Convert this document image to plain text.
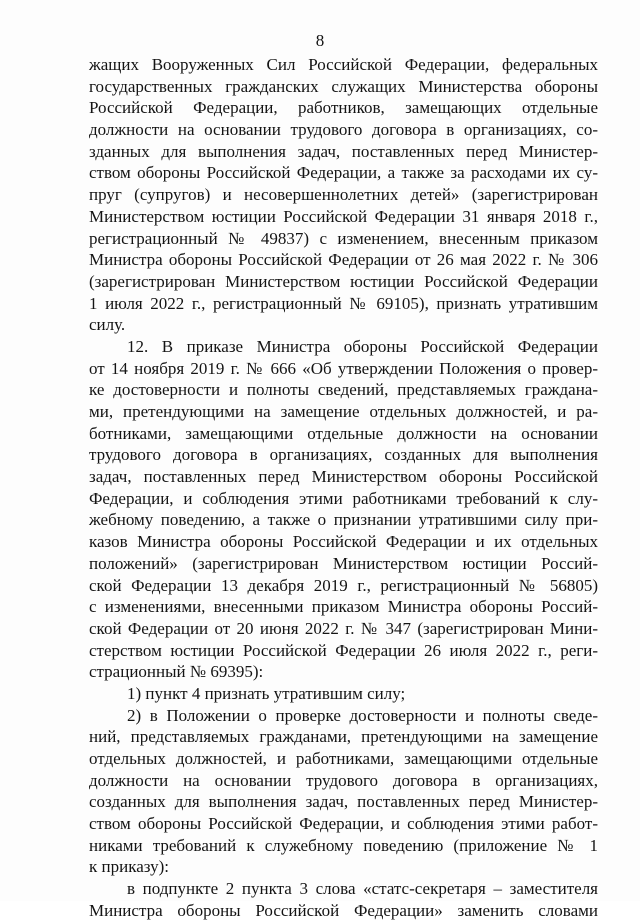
8
жащих Вооруженных Сил Российской Федерации, федеральных
государственных гражданских служащих Министерства обороны
Российской Федерации, работников, замещающих отдельные
должности на основании трудового договора в организациях, со-
зданных для выполнения задач, поставленных перед Министер-
ством обороны Российской Федерации, а также за расходами их су-
пруг (супругов) и несовершеннолетних детей» (зарегистрирован
Министерством юстиции Российской Федерации 31 января 2018 г.,
регистрационный № 49837) с изменением, внесенным приказом
Министра обороны Российской Федерации от 26 мая 2022 г. № 306
(зарегистрирован Министерством юстиции Российской Федерации
1 июля 2022 г., регистрационный № 69105), признать утратившим
силу.
12. В приказе Министра обороны Российской Федерации
от 14 ноября 2019 г. № 666 «Об утверждении Положения о провер-
ке достоверности и полноты сведений, представляемых граждана-
ми, претендующими на замещение отдельных должностей, и ра-
ботниками, замещающими отдельные должности на основании
трудового договора в организациях, созданных для выполнения
задач, поставленных перед Министерством обороны Российской
Федерации, и соблюдения этими работниками требований к слу-
жебному поведению, а также о признании утратившими силу при-
казов Министра обороны Российской Федерации и их отдельных
положений» (зарегистрирован Министерством юстиции Россий-
ской Федерации 13 декабря 2019 г., регистрационный № 56805)
с изменениями, внесенными приказом Министра обороны Россий-
ской Федерации от 20 июня 2022 г. № 347 (зарегистрирован Мини-
стерством юстиции Российской Федерации 26 июля 2022 г., реги-
страционный № 69395):
1) пункт 4 признать утратившим силу;
2) в Положении о проверке достоверности и полноты сведе-
ний, представляемых гражданами, претендующими на замещение
отдельных должностей, и работниками, замещающими отдельные
должности на основании трудового договора в организациях,
созданных для выполнения задач, поставленных перед Министер-
ством обороны Российской Федерации, и соблюдения этими работ-
никами требований к служебному поведению (приложение № 1
к приказу):
в подпункте 2 пункта 3 слова «статс-секретаря – заместителя
Министра обороны Российской Федерации» заменить словами
